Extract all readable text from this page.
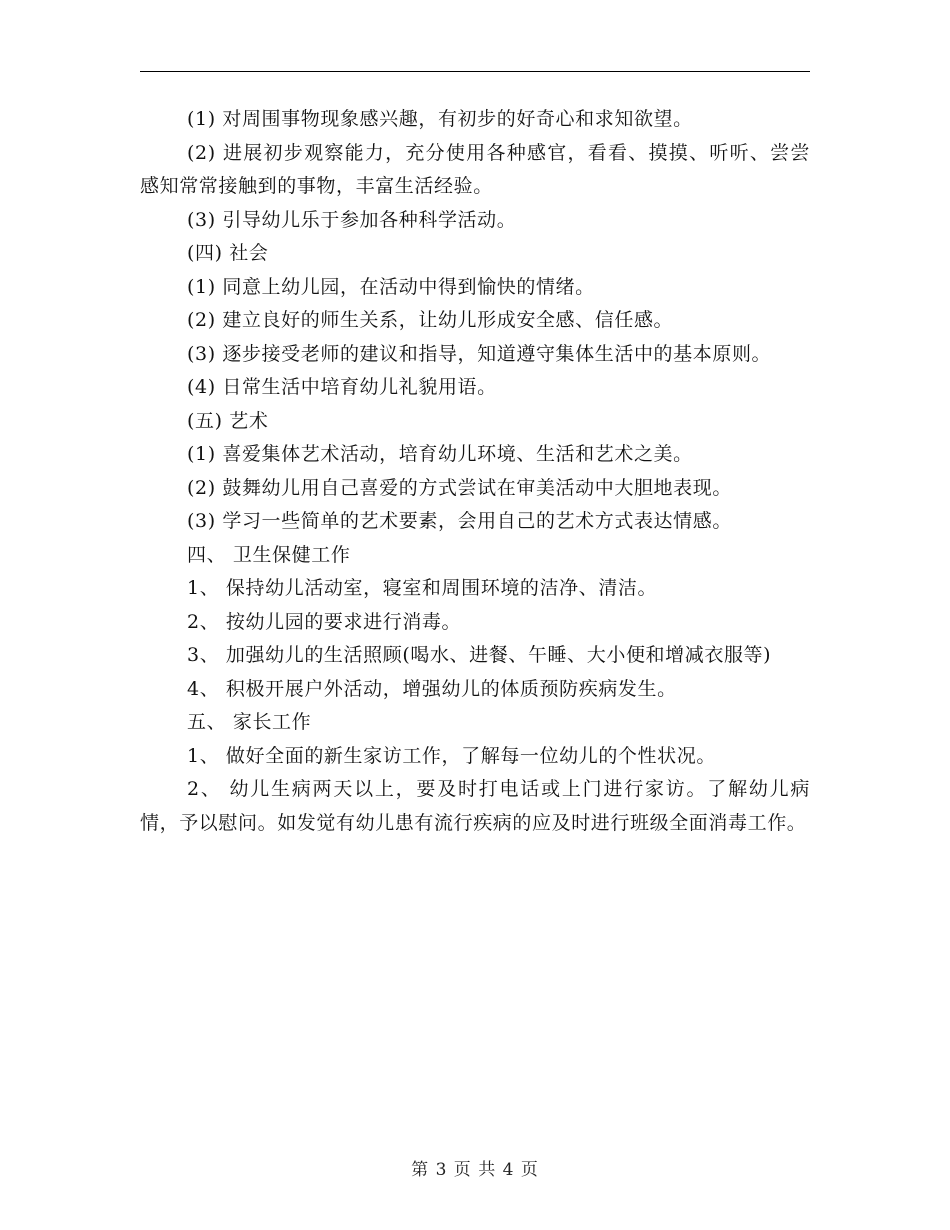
(1) 对周围事物现象感兴趣，有初步的好奇心和求知欲望。

(2) 进展初步观察能力，充分使用各种感官，看看、摸摸、听听、尝尝感知常常接触到的事物，丰富生活经验。

(3) 引导幼儿乐于参加各种科学活动。

(四) 社会

(1) 同意上幼儿园，在活动中得到愉快的情绪。

(2) 建立良好的师生关系，让幼儿形成安全感、信任感。

(3) 逐步接受老师的建议和指导，知道遵守集体生活中的基本原则。

(4) 日常生活中培育幼儿礼貌用语。

(五) 艺术

(1) 喜爱集体艺术活动，培育幼儿环境、生活和艺术之美。

(2) 鼓舞幼儿用自己喜爱的方式尝试在审美活动中大胆地表现。

(3) 学习一些简单的艺术要素，会用自己的艺术方式表达情感。

四、 卫生保健工作

1、 保持幼儿活动室，寝室和周围环境的洁净、清洁。

2、 按幼儿园的要求进行消毒。

3、 加强幼儿的生活照顾(喝水、进餐、午睡、大小便和增减衣服等)

4、 积极开展户外活动，增强幼儿的体质预防疾病发生。

五、 家长工作

1、 做好全面的新生家访工作，了解每一位幼儿的个性状况。

2、 幼儿生病两天以上，要及时打电话或上门进行家访。了解幼儿病情，予以慰问。如发觉有幼儿患有流行疾病的应及时进行班级全面消毒工作。

第 3 页 共 4 页
